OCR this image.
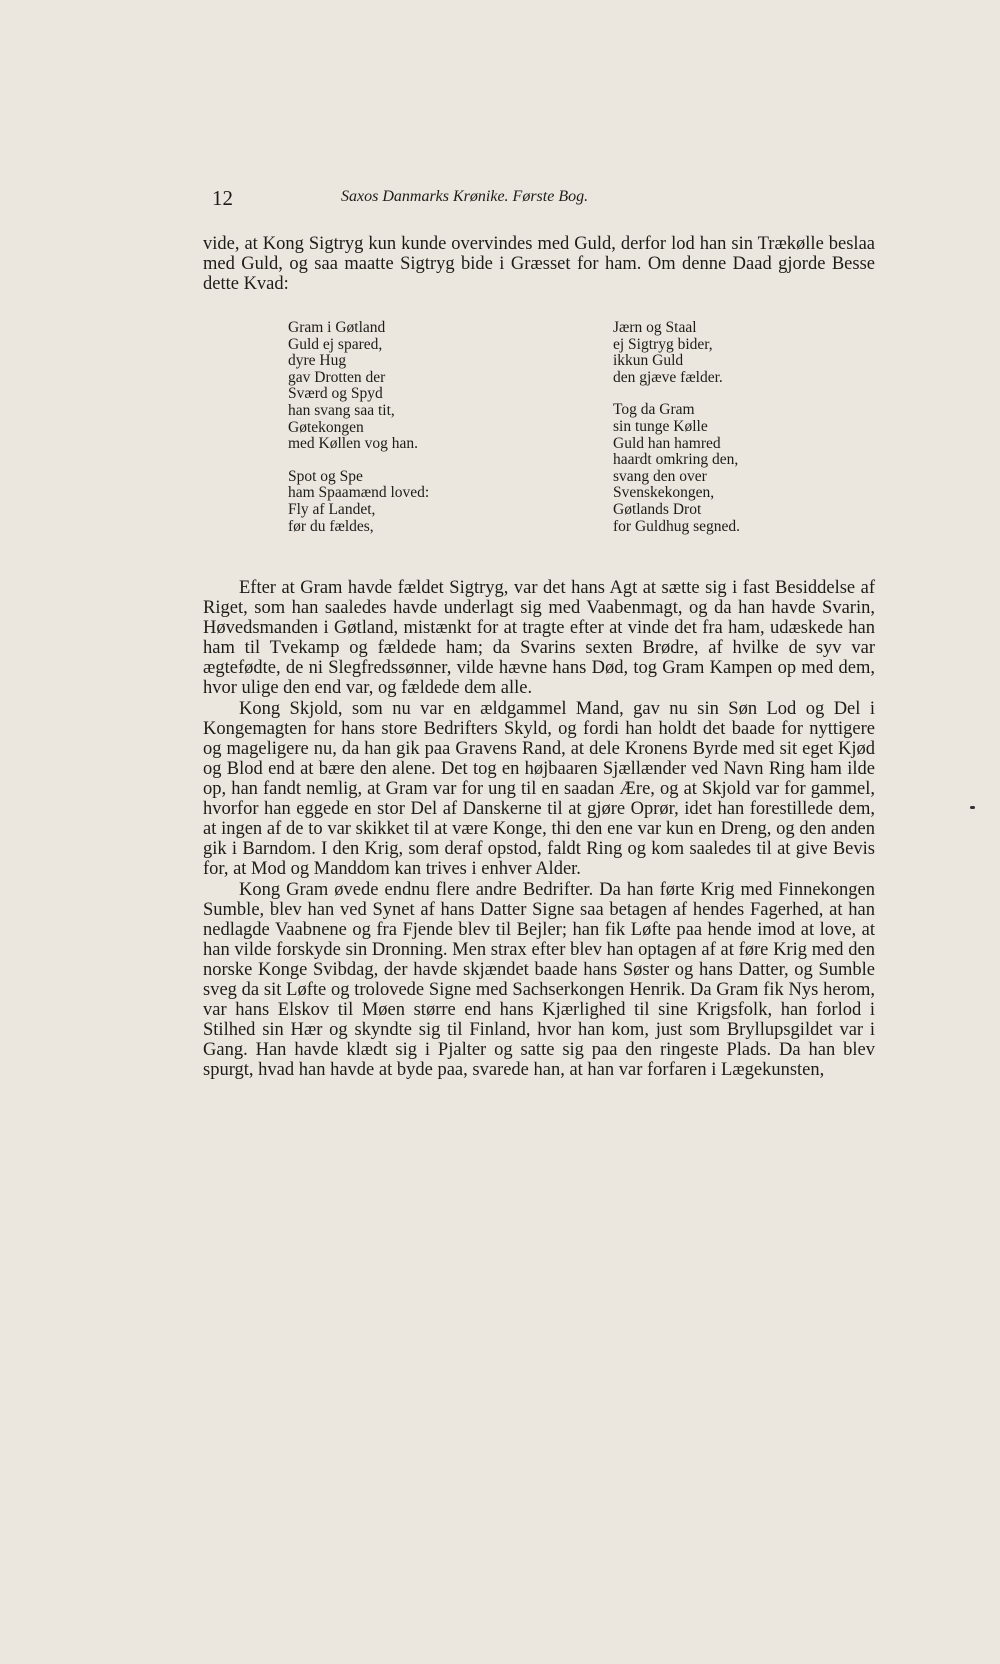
12	Saxos Danmarks Krønike. Første Bog.

vide, at Kong Sigtryg kun kunde overvindes med Guld, derfor lod han sin Trækølle beslaa med Guld, og saa maatte Sigtryg bide i Græsset for ham. Om denne Daad gjorde Besse dette Kvad:

Gram i Gøtland
Guld ej spared,
dyre Hug
gav Drotten der
Sværd og Spyd
han svang saa tit,
Gøtekongen
med Køllen vog han.
Spot og Spe
ham Spaamænd loved:
Fly af Landet,
før du fældes,
Jærn og Staal
ej Sigtryg bider,
ikkun Guld
den gjæve fælder.
Tog da Gram
sin tunge Kølle
Guld han hamred
haardt omkring den,
svang den over
Svenskekongen,
Gøtlands Drot
for Guldhug segned.

Efter at Gram havde fældet Sigtryg, var det hans Agt at sætte sig i fast Besiddelse af Riget, som han saaledes havde underlagt sig med Vaabenmagt, og da han havde Svarin, Høvedsmanden i Gøtland, mistænkt for at tragte efter at vinde det fra ham, udæskede han ham til Tvekamp og fældede ham; da Svarins sexten Brødre, af hvilke de syv var ægtefødte, de ni Slegfredssønner, vilde hævne hans Død, tog Gram Kampen op med dem, hvor ulige den end var, og fældede dem alle.

Kong Skjold, som nu var en ældgammel Mand, gav nu sin Søn Lod og Del i Kongemagten for hans store Bedrifters Skyld, og fordi han holdt det baade for nyttigere og mageligere nu, da han gik paa Gravens Rand, at dele Kronens Byrde med sit eget Kjød og Blod end at bære den alene. Det tog en højbaaren Sjællænder ved Navn Ring ham ilde op, han fandt nemlig, at Gram var for ung til en saadan Ære, og at Skjold var for gammel, hvorfor han eggede en stor Del af Danskerne til at gjøre Oprør, idet han forestillede dem, at ingen af de to var skikket til at være Konge, thi den ene var kun en Dreng, og den anden gik i Barndom. I den Krig, som deraf opstod, faldt Ring og kom saaledes til at give Bevis for, at Mod og Manddom kan trives i enhver Alder.

Kong Gram øvede endnu flere andre Bedrifter. Da han førte Krig med Finnekongen Sumble, blev han ved Synet af hans Datter Signe saa betagen af hendes Fagerhed, at han nedlagde Vaabnene og fra Fjende blev til Bejler; han fik Løfte paa hende imod at love, at han vilde forskyde sin Dronning. Men strax efter blev han optagen af at føre Krig med den norske Konge Svibdag, der havde skjændet baade hans Søster og hans Datter, og Sumble sveg da sit Løfte og trolovede Signe med Sachserkongen Henrik. Da Gram fik Nys herom, var hans Elskov til Møen større end hans Kjærlighed til sine Krigsfolk, han forlod i Stilhed sin Hær og skyndte sig til Finland, hvor han kom, just som Bryllupsgildet var i Gang. Han havde klædt sig i Pjalter og satte sig paa den ringeste Plads. Da han blev spurgt, hvad han havde at byde paa, svarede han, at han var forfaren i Lægekunsten,
